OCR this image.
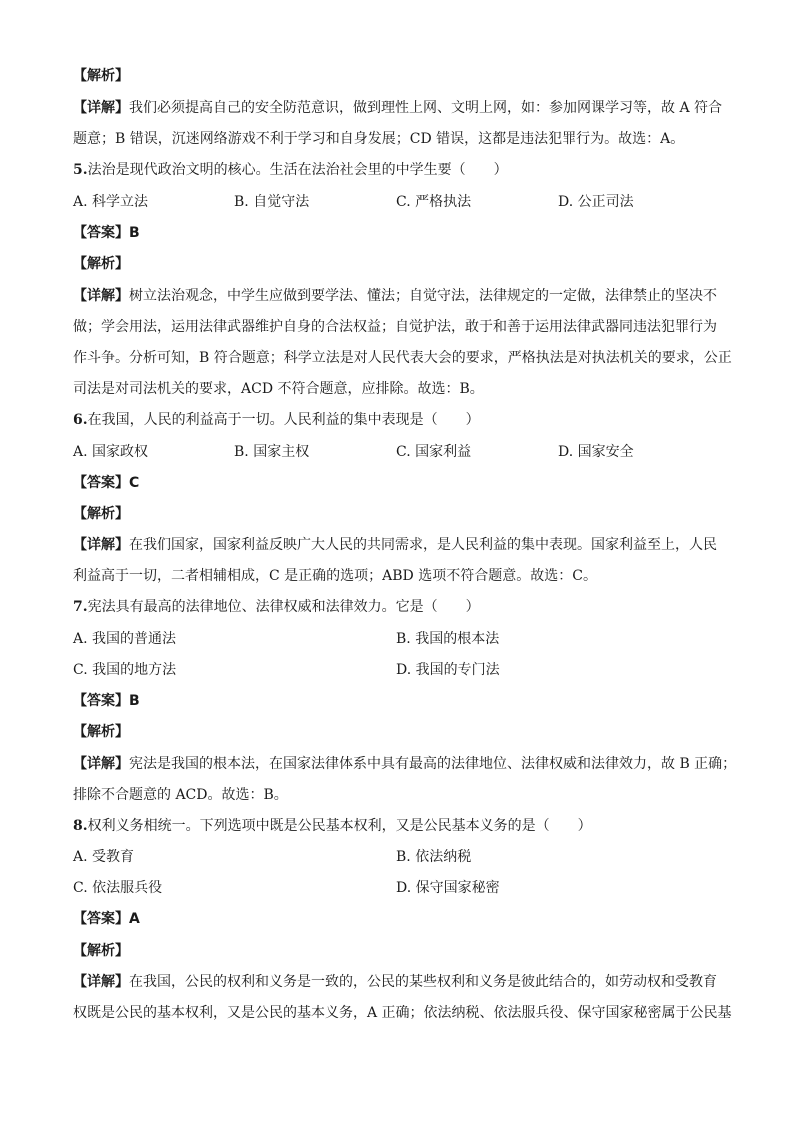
【解析】
【详解】我们必须提高自己的安全防范意识，做到理性上网、文明上网，如：参加网课学习等，故 A 符合
题意；B 错误，沉迷网络游戏不利于学习和自身发展；CD 错误，这都是违法犯罪行为。故选：A。
5.法治是现代政治文明的核心。生活在法治社会里的中学生要（　　）
A. 科学立法	B. 自觉守法	C. 严格执法	D. 公正司法
【答案】B
【解析】
【详解】树立法治观念，中学生应做到要学法、懂法；自觉守法，法律规定的一定做，法律禁止的坚决不
做；学会用法，运用法律武器维护自身的合法权益；自觉护法，敢于和善于运用法律武器同违法犯罪行为
作斗争。分析可知，B 符合题意；科学立法是对人民代表大会的要求，严格执法是对执法机关的要求，公正
司法是对司法机关的要求，ACD 不符合题意，应排除。故选：B。
6.在我国，人民的利益高于一切。人民利益的集中表现是（　　）
A. 国家政权	B. 国家主权	C. 国家利益	D. 国家安全
【答案】C
【解析】
【详解】在我们国家，国家利益反映广大人民的共同需求，是人民利益的集中表现。国家利益至上，人民
利益高于一切，二者相辅相成，C 是正确的选项；ABD 选项不符合题意。故选：C。
7.宪法具有最高的法律地位、法律权威和法律效力。它是（　　）
A. 我国的普通法	B. 我国的根本法
C. 我国的地方法	D. 我国的专门法
【答案】B
【解析】
【详解】宪法是我国的根本法，在国家法律体系中具有最高的法律地位、法律权威和法律效力，故 B 正确；
排除不合题意的 ACD。故选：B。
8.权利义务相统一。下列选项中既是公民基本权利，又是公民基本义务的是（　　）
A. 受教育	B. 依法纳税
C. 依法服兵役	D. 保守国家秘密
【答案】A
【解析】
【详解】在我国，公民的权利和义务是一致的，公民的某些权利和义务是彼此结合的，如劳动权和受教育
权既是公民的基本权利，又是公民的基本义务，A 正确；依法纳税、依法服兵役、保守国家秘密属于公民基
